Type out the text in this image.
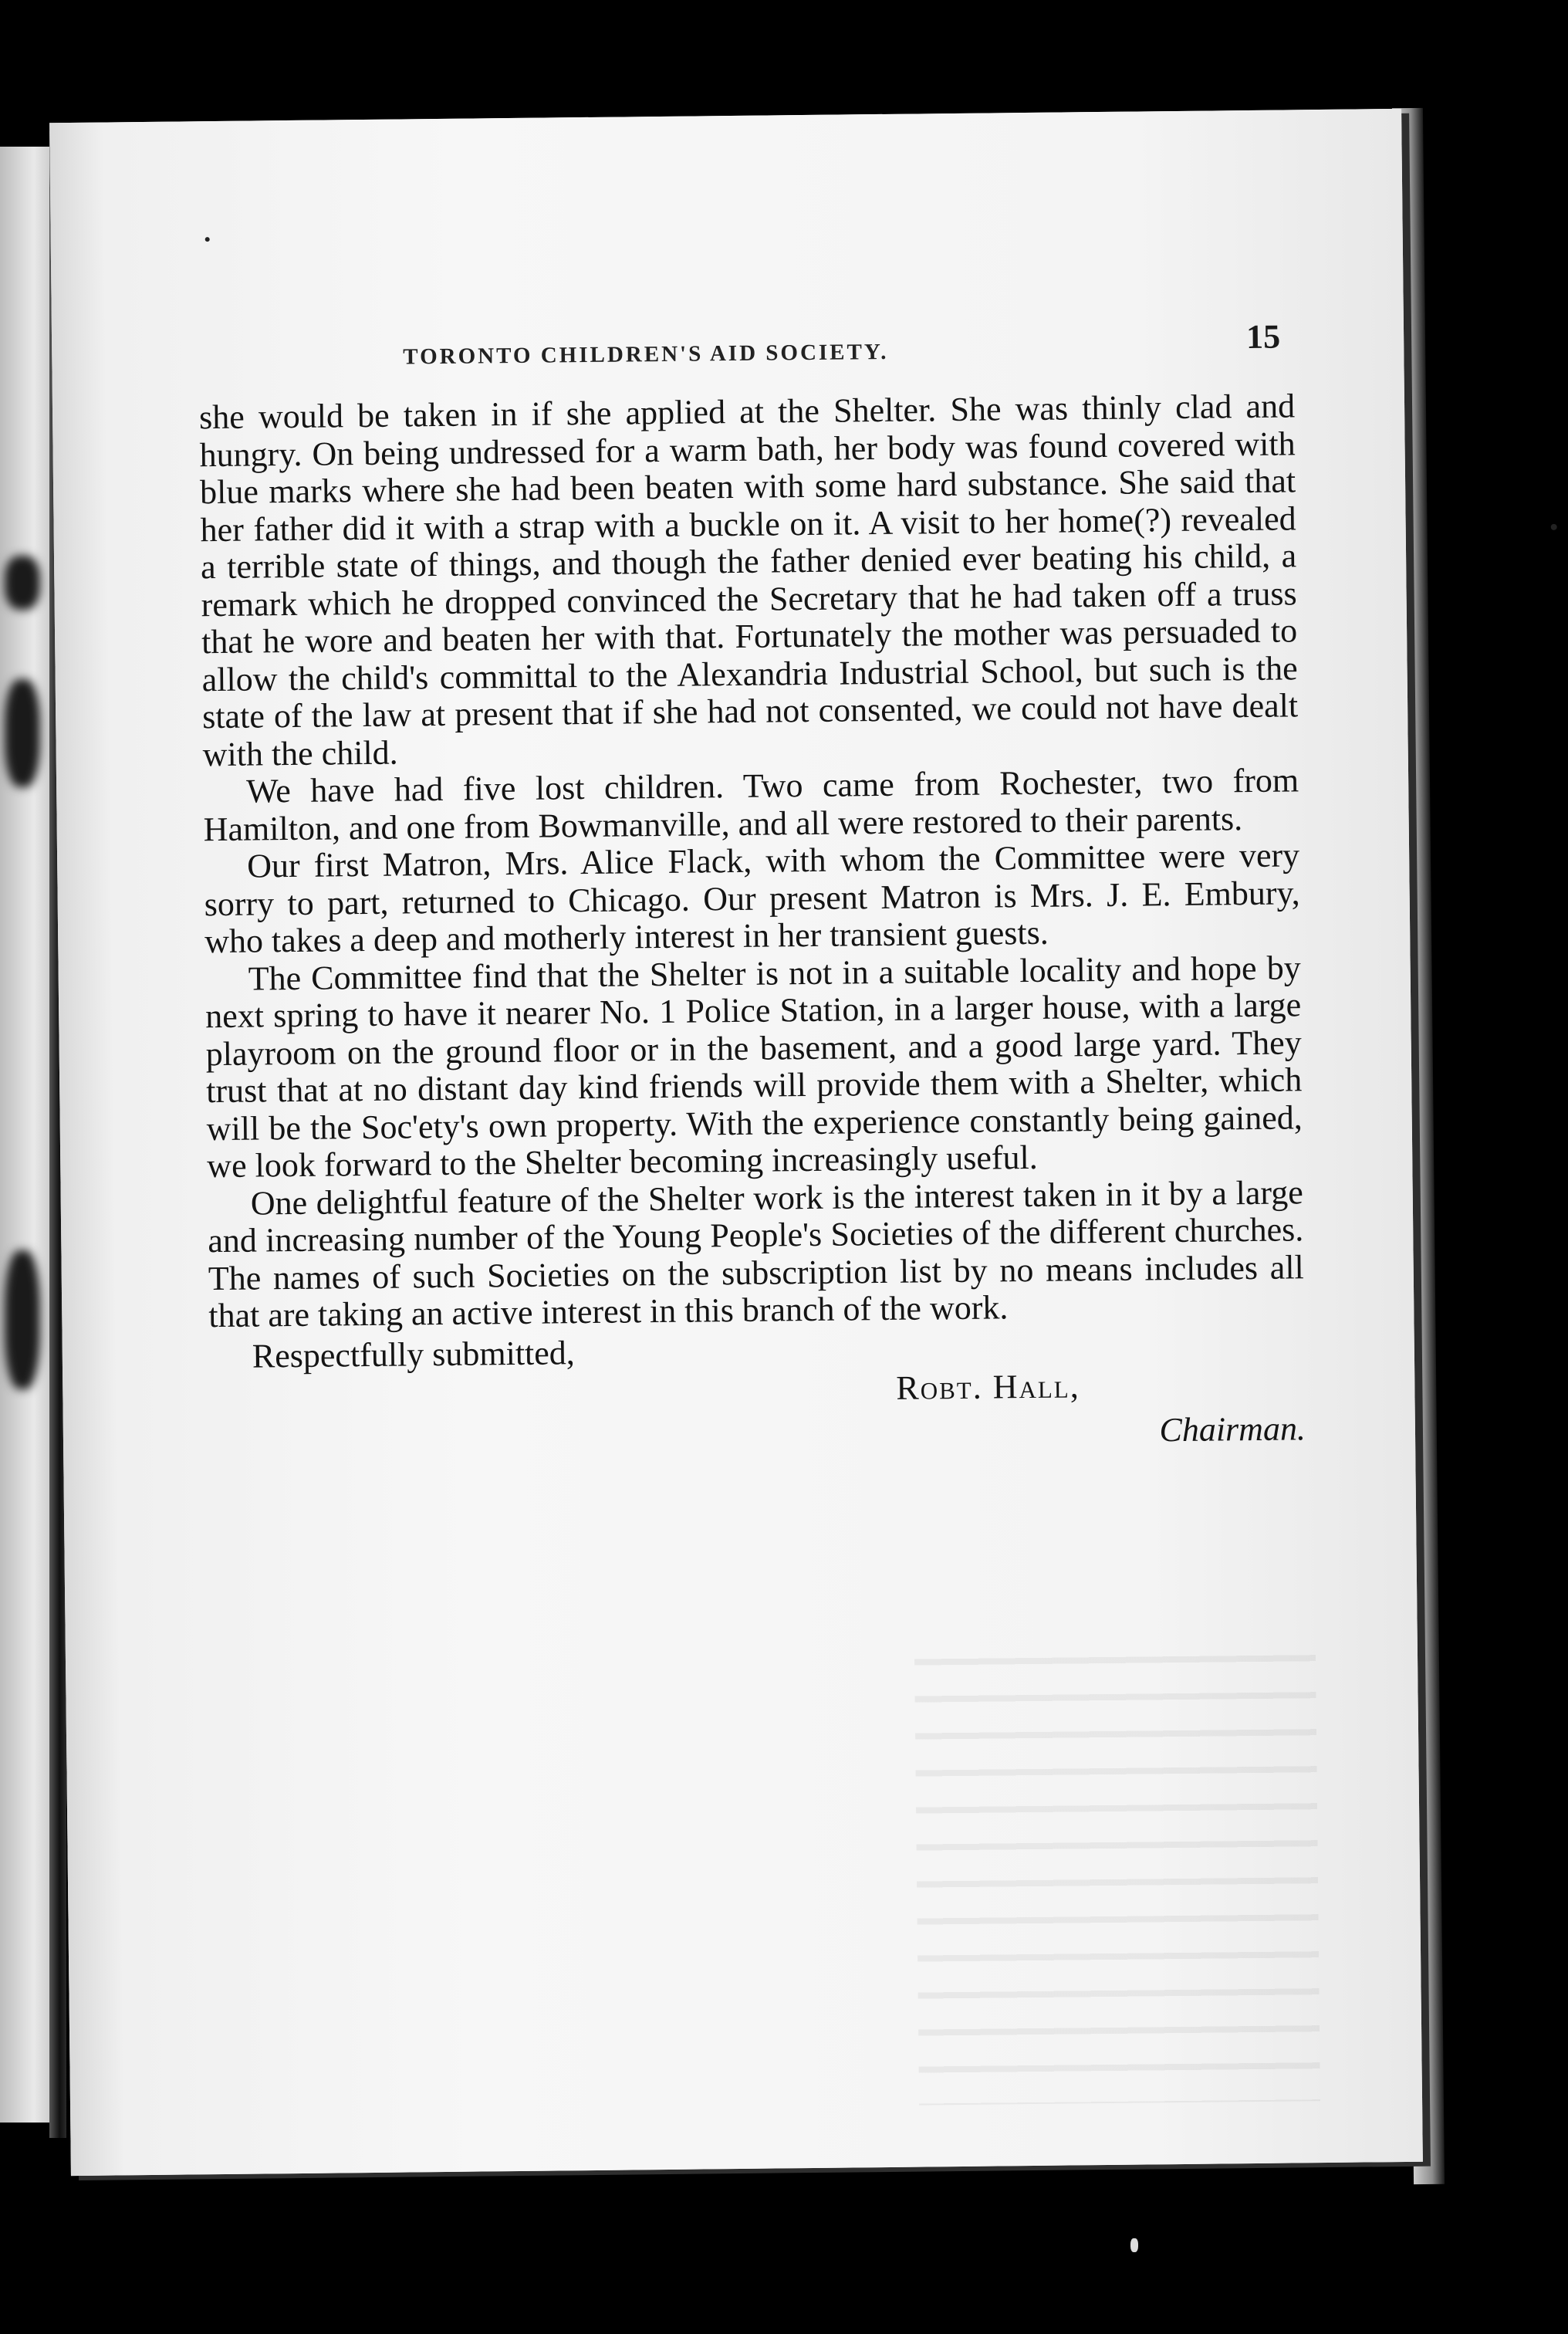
TORONTO CHILDREN'S AID SOCIETY.	15

she would be taken in if she applied at the Shelter. She was thinly clad and hungry. On being undressed for a warm bath, her body was found covered with blue marks where she had been beaten with some hard substance. She said that her father did it with a strap with a buckle on it. A visit to her home(?) revealed a terrible state of things, and though the father denied ever beating his child, a remark which he dropped convinced the Secretary that he had taken off a truss that he wore and beaten her with that. Fortunately the mother was persuaded to allow the child's committal to the Alexandria Industrial School, but such is the state of the law at present that if she had not consented, we could not have dealt with the child.

We have had five lost children. Two came from Rochester, two from Hamilton, and one from Bowmanville, and all were restored to their parents.

Our first Matron, Mrs. Alice Flack, with whom the Committee were very sorry to part, returned to Chicago. Our present Matron is Mrs. J. E. Embury, who takes a deep and motherly interest in her transient guests.

The Committee find that the Shelter is not in a suitable locality and hope by next spring to have it nearer No. 1 Police Station, in a larger house, with a large playroom on the ground floor or in the basement, and a good large yard. They trust that at no distant day kind friends will provide them with a Shelter, which will be the Soc'ety's own property. With the experience constantly being gained, we look forward to the Shelter becoming increasingly useful.

One delightful feature of the Shelter work is the interest taken in it by a large and increasing number of the Young People's Societies of the different churches. The names of such Societies on the subscription list by no means includes all that are taking an active interest in this branch of the work.

Respectfully submitted,
Robt. Hall,
Chairman.
